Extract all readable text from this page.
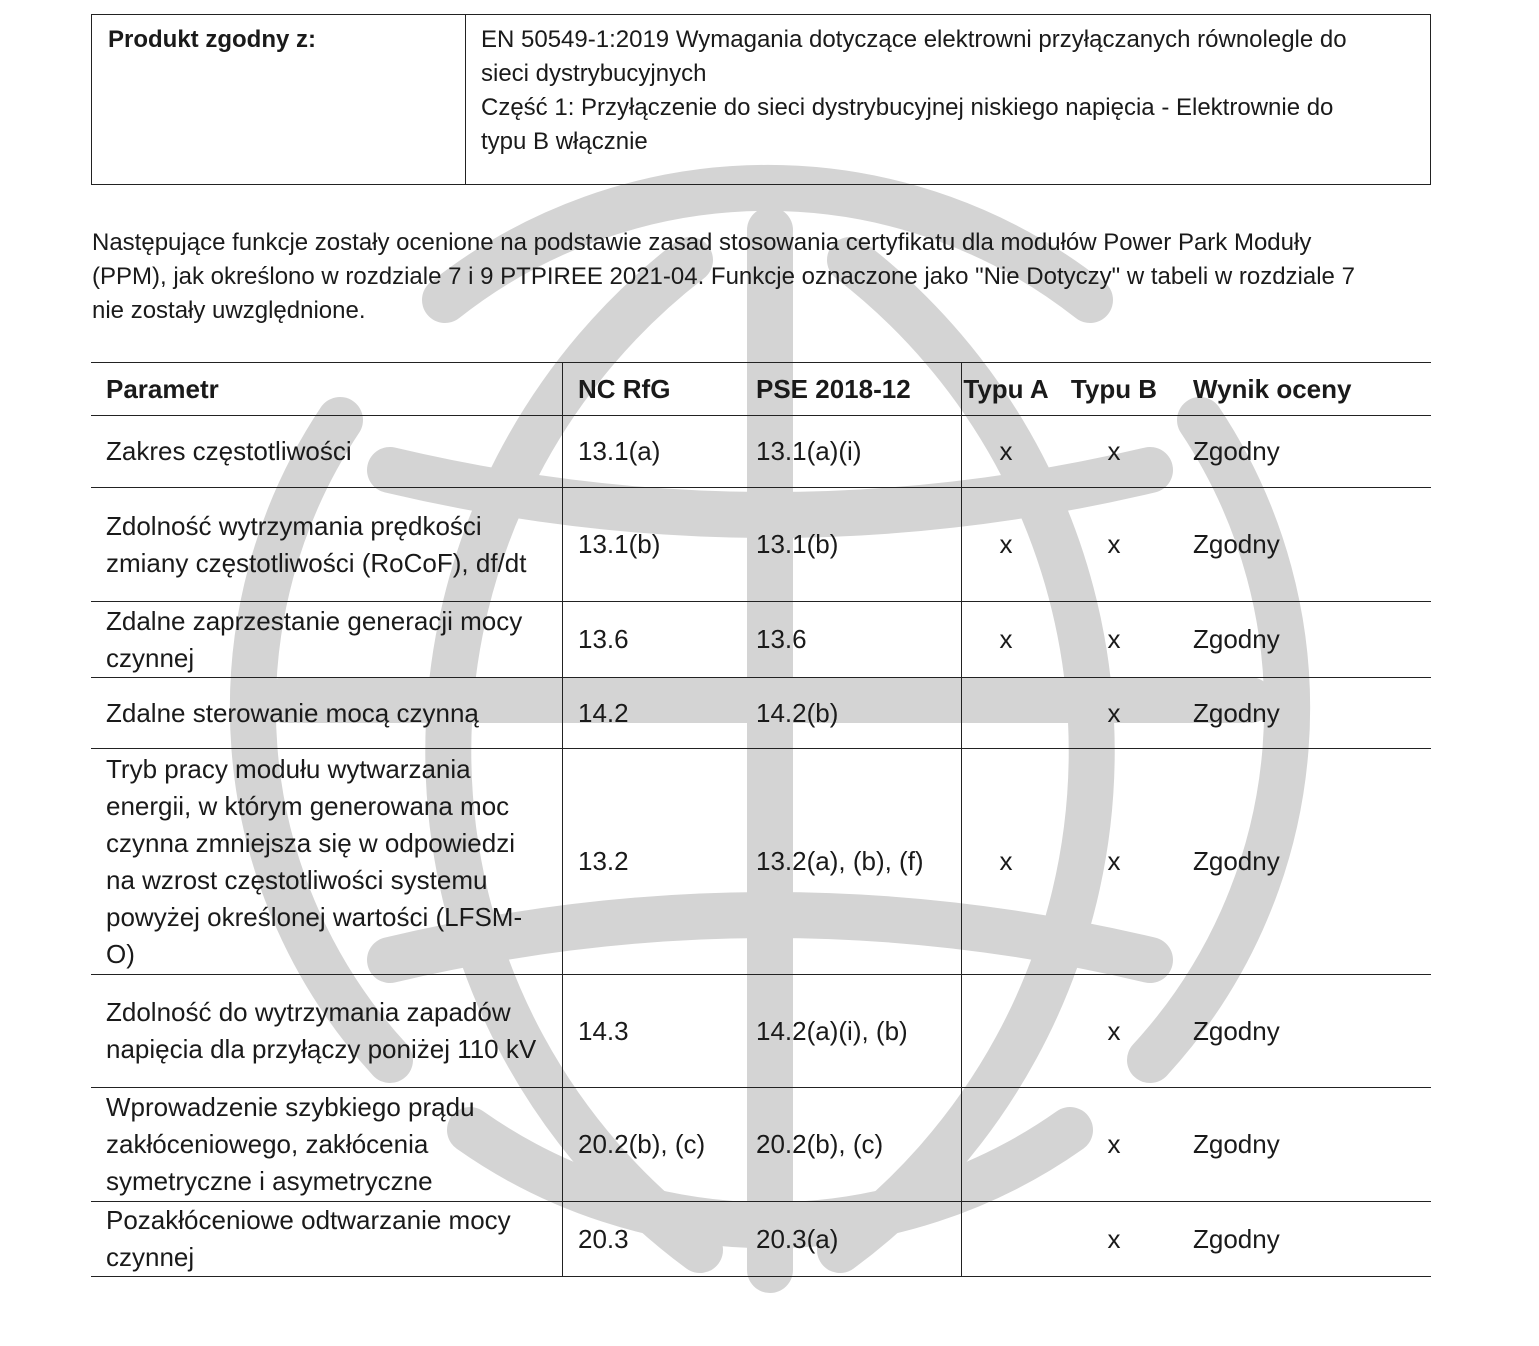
Produkt zgodny z:	EN 50549-1:2019 Wymagania dotyczące elektrowni przyłączanych równolegle do
sieci dystrybucyjnych
Część 1: Przyłączenie do sieci dystrybucyjnej niskiego napięcia - Elektrownie do
typu B włącznie

Następujące funkcje zostały ocenione na podstawie zasad stosowania certyfikatu dla modułów Power Park Moduły
(PPM), jak określono w rozdziale 7 i 9 PTPIREE 2021-04. Funkcje oznaczone jako "Nie Dotyczy" w tabeli w rozdziale 7
nie zostały uwzględnione.

Parametr	NC RfG	PSE 2018-12	Typu A	Typu B	Wynik oceny
Zakres częstotliwości	13.1(a)	13.1(a)(i)	x	x	Zgodny
Zdolność wytrzymania prędkości zmiany częstotliwości (RoCoF), df/dt	13.1(b)	13.1(b)	x	x	Zgodny
Zdalne zaprzestanie generacji mocy czynnej	13.6	13.6	x	x	Zgodny
Zdalne sterowanie mocą czynną	14.2	14.2(b)		x	Zgodny
Tryb pracy modułu wytwarzania energii, w którym generowana moc czynna zmniejsza się w odpowiedzi na wzrost częstotliwości systemu powyżej określonej wartości (LFSM-O)	13.2	13.2(a), (b), (f)	x	x	Zgodny
Zdolność do wytrzymania zapadów napięcia dla przyłączy poniżej 110 kV	14.3	14.2(a)(i), (b)		x	Zgodny
Wprowadzenie szybkiego prądu zakłóceniowego, zakłócenia symetryczne i asymetryczne	20.2(b), (c)	20.2(b), (c)		x	Zgodny
Pozakłóceniowe odtwarzanie mocy czynnej	20.3	20.3(a)		x	Zgodny
